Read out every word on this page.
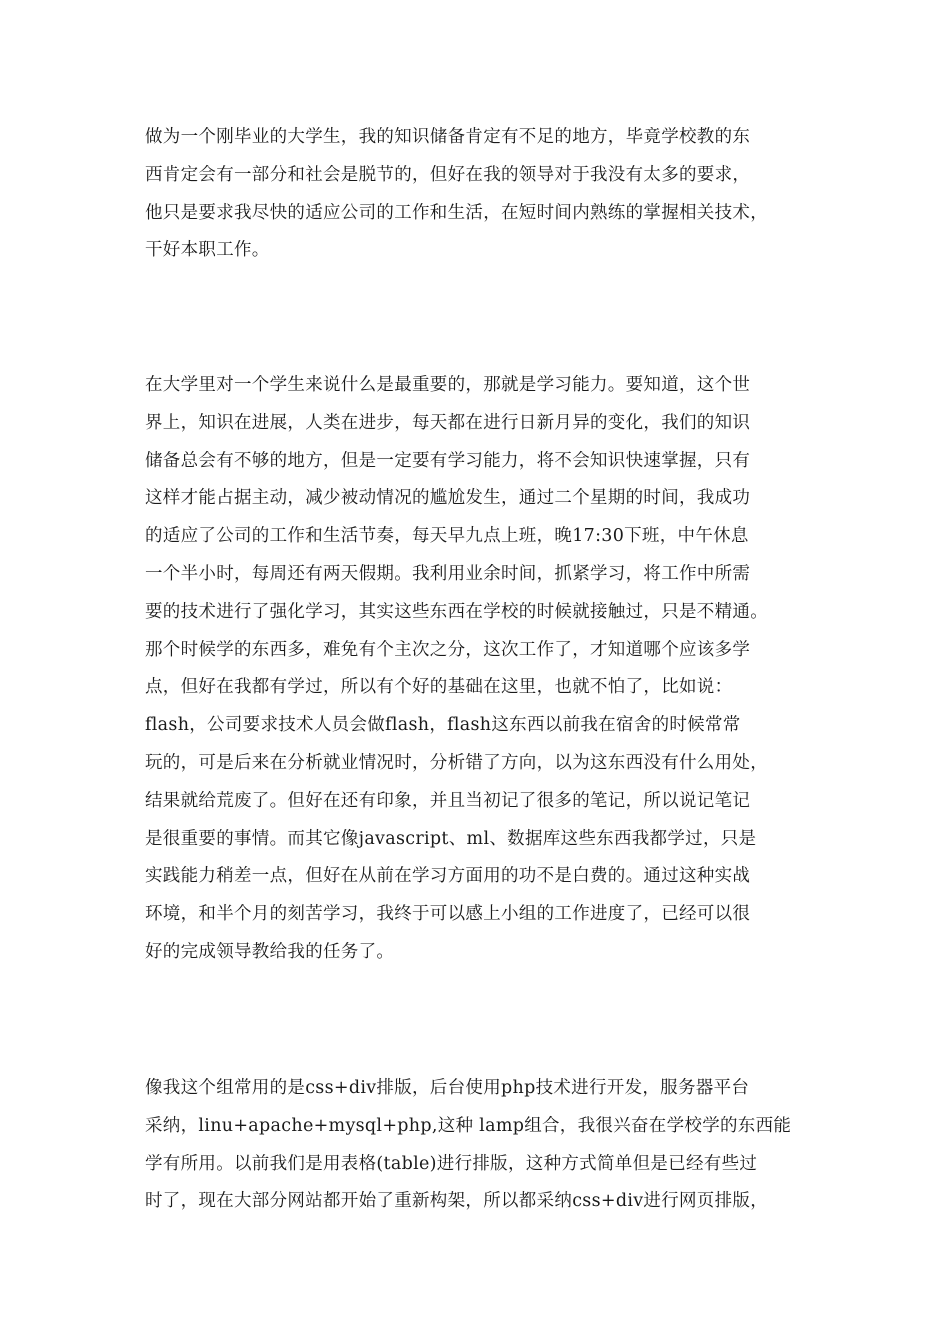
做为一个刚毕业的大学生，我的知识储备肯定有不足的地方，毕竟学校教的东
西肯定会有一部分和社会是脱节的，但好在我的领导对于我没有太多的要求，
他只是要求我尽快的适应公司的工作和生活，在短时间内熟练的掌握相关技术，
干好本职工作。

在大学里对一个学生来说什么是最重要的，那就是学习能力。要知道，这个世
界上，知识在进展，人类在进步，每天都在进行日新月异的变化，我们的知识
储备总会有不够的地方，但是一定要有学习能力，将不会知识快速掌握，只有
这样才能占据主动，减少被动情况的尴尬发生，通过二个星期的时间，我成功
的适应了公司的工作和生活节奏，每天早九点上班，晚17:30下班，中午休息
一个半小时，每周还有两天假期。我利用业余时间，抓紧学习，将工作中所需
要的技术进行了强化学习，其实这些东西在学校的时候就接触过，只是不精通。
那个时候学的东西多，难免有个主次之分，这次工作了，才知道哪个应该多学
点，但好在我都有学过，所以有个好的基础在这里，也就不怕了，比如说：
flash，公司要求技术人员会做flash，flash这东西以前我在宿舍的时候常常
玩的，可是后来在分析就业情况时，分析错了方向，以为这东西没有什么用处，
结果就给荒废了。但好在还有印象，并且当初记了很多的笔记，所以说记笔记
是很重要的事情。而其它像javascript、ml、数据库这些东西我都学过，只是
实践能力稍差一点，但好在从前在学习方面用的功不是白费的。通过这种实战
环境，和半个月的刻苦学习，我终于可以感上小组的工作进度了，已经可以很
好的完成领导教给我的任务了。

像我这个组常用的是css+div排版，后台使用php技术进行开发，服务器平台
采纳，linu+apache+mysql+php,这种 lamp组合，我很兴奋在学校学的东西能
学有所用。以前我们是用表格(table)进行排版，这种方式简单但是已经有些过
时了，现在大部分网站都开始了重新构架，所以都采纳css+div进行网页排版，
